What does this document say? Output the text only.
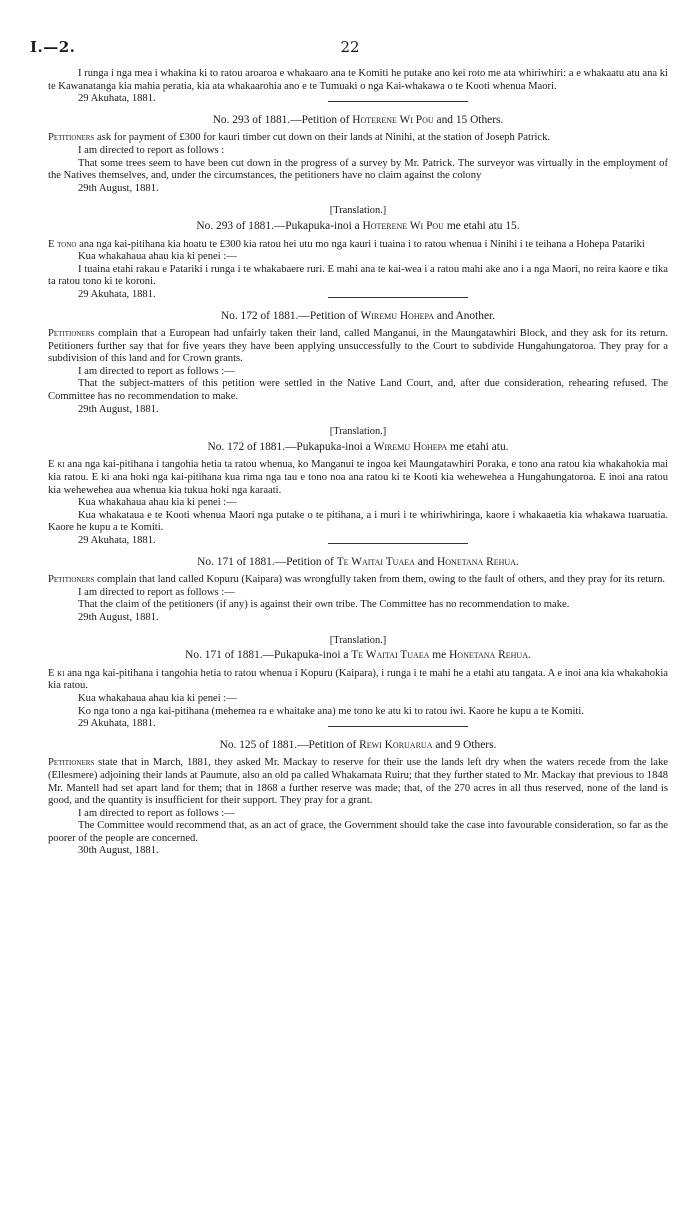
I.—2.	22

I runga i nga mea i whakina ki to ratou aroaroa e whakaaro ana te Komiti he putake ano kei roto me ata whiriwhiri: a e whakaatu atu ana ki te Kawanatanga kia mahia peratia, kia ata whakaarohia ano e te Tumuaki o nga Kai-whakawa o te Kooti whenua Maori.

29 Akuhata, 1881.

No. 293 of 1881.—Petition of Hoterene Wi Pou and 15 Others.

Petitioners ask for payment of £300 for kauri timber cut down on their lands at Ninihi, at the station of Joseph Patrick.

I am directed to report as follows :

That some trees seem to have been cut down in the progress of a survey by Mr. Patrick. The surveyor was virtually in the employment of the Natives themselves, and, under the circumstances, the petitioners have no claim against the colony

29th August, 1881.

[Translation.]

No. 293 of 1881.—Pukapuka-inoi a Hoterene Wi Pou me etahi atu 15.

E tono ana nga kai-pitihana kia hoatu te £300 kia ratou hei utu mo nga kauri i tuaina i to ratou whenua i Ninihi i te teihana a Hohepa Patariki

Kua whakahaua ahau kia ki penei :—

I tuaina etahi rakau e Patariki i runga i te whakabaere ruri. E mahi ana te kai-wea i a ratou mahi ake ano i a nga Maori, no reira kaore e tika ta ratou tono ki te koroni.

29 Akuhata, 1881.

No. 172 of 1881.—Petition of Wiremu Hohepa and Another.

Petitioners complain that a European had unfairly taken their land, called Manganui, in the Maungatawhiri Block, and they ask for its return. Petitioners further say that for five years they have been applying unsuccessfully to the Court to subdivide Hungahungatoroa. They pray for a subdivision of this land and for Crown grants.

I am directed to report as follows :—

That the subject-matters of this petition were settled in the Native Land Court, and, after due consideration, rehearing refused. The Committee has no recommendation to make.

29th August, 1881.

[Translation.]

No. 172 of 1881.—Pukapuka-inoi a Wiremu Hohepa me etahi atu.

E ki ana nga kai-pitihana i tangohia hetia ta ratou whenua, ko Manganui te ingoa kei Maungatawhiri Poraka, e tono ana ratou kia whakahokia mai kia ratou. E ki ana hoki nga kai-pitihana kua rima nga tau e tono noa ana ratou ki te Kooti kia wehewehea a Hungahungatoroa. E inoi ana ratou kia wehewehea aua whenua kia tukua hoki nga karaati.

Kua whakahaua ahau kia ki penei :—

Kua whakataua e te Kooti whenua Maori nga putake o te pitihana, a i muri i te whiriwhiringa, kaore i whakaaetia kia whakawa tuaruatia. Kaore he kupu a te Komiti.

29 Akuhata, 1881.

No. 171 of 1881.—Petition of Te Waitai Tuaea and Honetana Rehua.

Petitioners complain that land called Kopuru (Kaipara) was wrongfully taken from them, owing to the fault of others, and they pray for its return.

I am directed to report as follows :—

That the claim of the petitioners (if any) is against their own tribe. The Committee has no recommendation to make.

29th August, 1881.

[Translation.]

No. 171 of 1881.—Pukapuka-inoi a Te Waitai Tuaea me Honetana Rehua.

E ki ana nga kai-pitihana i tangohia hetia to ratou whenua i Kopuru (Kaipara), i runga i te mahi he a etahi atu tangata. A e inoi ana kia whakahokia kia ratou.

Kua whakahaua ahau kia ki penei :—

Ko nga tono a nga kai-pitihana (mehemea ra e whaitake ana) me tono ke atu ki to ratou iwi. Kaore he kupu a te Komiti.

29 Akuhata, 1881.

No. 125 of 1881.—Petition of Rewi Koruarua and 9 Others.

Petitioners state that in March, 1881, they asked Mr. Mackay to reserve for their use the lands left dry when the waters recede from the lake (Ellesmere) adjoining their lands at Paumute, also an old pa called Whakamata Ruiru; that they further stated to Mr. Mackay that previous to 1848 Mr. Mantell had set apart land for them; that in 1868 a further reserve was made; that, of the 270 acres in all thus reserved, none of the land is good, and the quantity is insufficient for their support. They pray for a grant.

I am directed to report as follows :—

The Committee would recommend that, as an act of grace, the Government should take the case into favourable consideration, so far as the poorer of the people are concerned.

30th August, 1881.
